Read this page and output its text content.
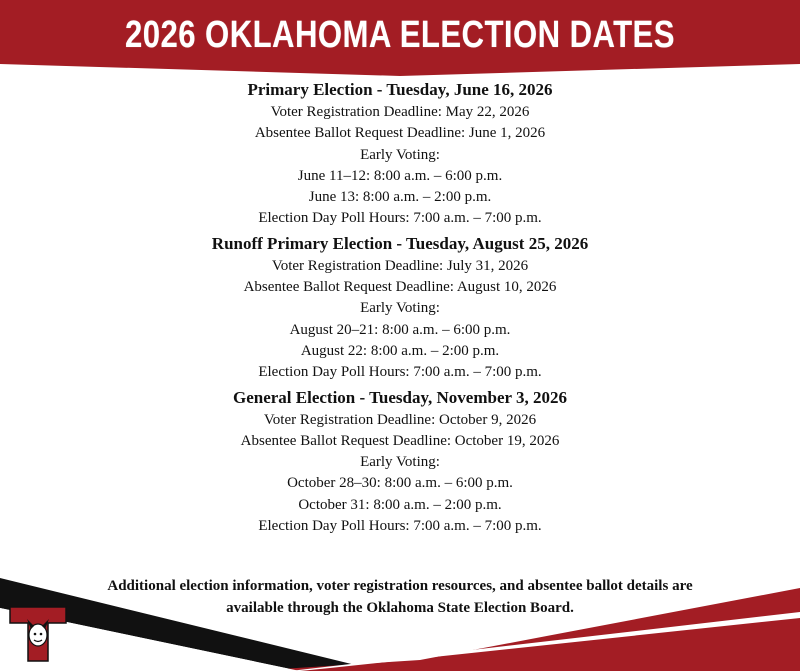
2026 OKLAHOMA ELECTION DATES

Primary Election - Tuesday, June 16, 2026

Voter Registration Deadline: May 22, 2026

Absentee Ballot Request Deadline: June 1, 2026

Early Voting:

June 11–12: 8:00 a.m. – 6:00 p.m.

June 13: 8:00 a.m. – 2:00 p.m.

Election Day Poll Hours: 7:00 a.m. – 7:00 p.m.

Runoff Primary Election - Tuesday, August 25, 2026

Voter Registration Deadline: July 31, 2026

Absentee Ballot Request Deadline: August 10, 2026

Early Voting:

August 20–21: 8:00 a.m. – 6:00 p.m.

August 22: 8:00 a.m. – 2:00 p.m.

Election Day Poll Hours: 7:00 a.m. – 7:00 p.m.

General Election - Tuesday, November 3, 2026

Voter Registration Deadline: October 9, 2026

Absentee Ballot Request Deadline: October 19, 2026

Early Voting:

October 28–30: 8:00 a.m. – 6:00 p.m.

October 31: 8:00 a.m. – 2:00 p.m.

Election Day Poll Hours: 7:00 a.m. – 7:00 p.m.

Additional election information, voter registration resources, and absentee ballot details are
available through the Oklahoma State Election Board.
